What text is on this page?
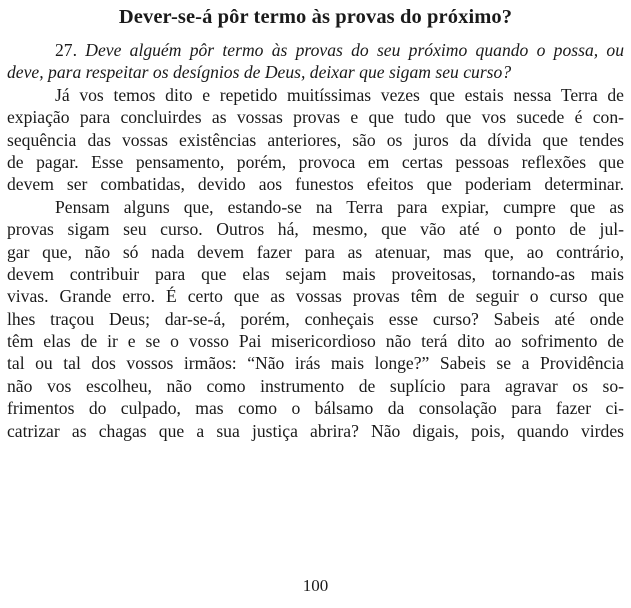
Dever-se-á pôr termo às provas do próximo?
27. Deve alguém pôr termo às provas do seu próximo quando o possa, ou
deve, para respeitar os desígnios de Deus, deixar que sigam seu curso?
Já vos temos dito e repetido muitíssimas vezes que estais nessa Terra de
expiação para concluirdes as vossas provas e que tudo que vos sucede é con-
sequência das vossas existências anteriores, são os juros da dívida que tendes
de pagar. Esse pensamento, porém, provoca em certas pessoas reflexões que
devem ser combatidas, devido aos funestos efeitos que poderiam determinar.
Pensam alguns que, estando-se na Terra para expiar, cumpre que as
provas sigam seu curso. Outros há, mesmo, que vão até o ponto de jul-
gar que, não só nada devem fazer para as atenuar, mas que, ao contrário,
devem contribuir para que elas sejam mais proveitosas, tornando-as mais
vivas. Grande erro. É certo que as vossas provas têm de seguir o curso que
lhes traçou Deus; dar-se-á, porém, conheçais esse curso? Sabeis até onde
têm elas de ir e se o vosso Pai misericordioso não terá dito ao sofrimento de
tal ou tal dos vossos irmãos: “Não irás mais longe?” Sabeis se a Providência
não vos escolheu, não como instrumento de suplício para agravar os so-
frimentos do culpado, mas como o bálsamo da consolação para fazer ci-
catrizar as chagas que a sua justiça abrira? Não digais, pois, quando virdes
100
